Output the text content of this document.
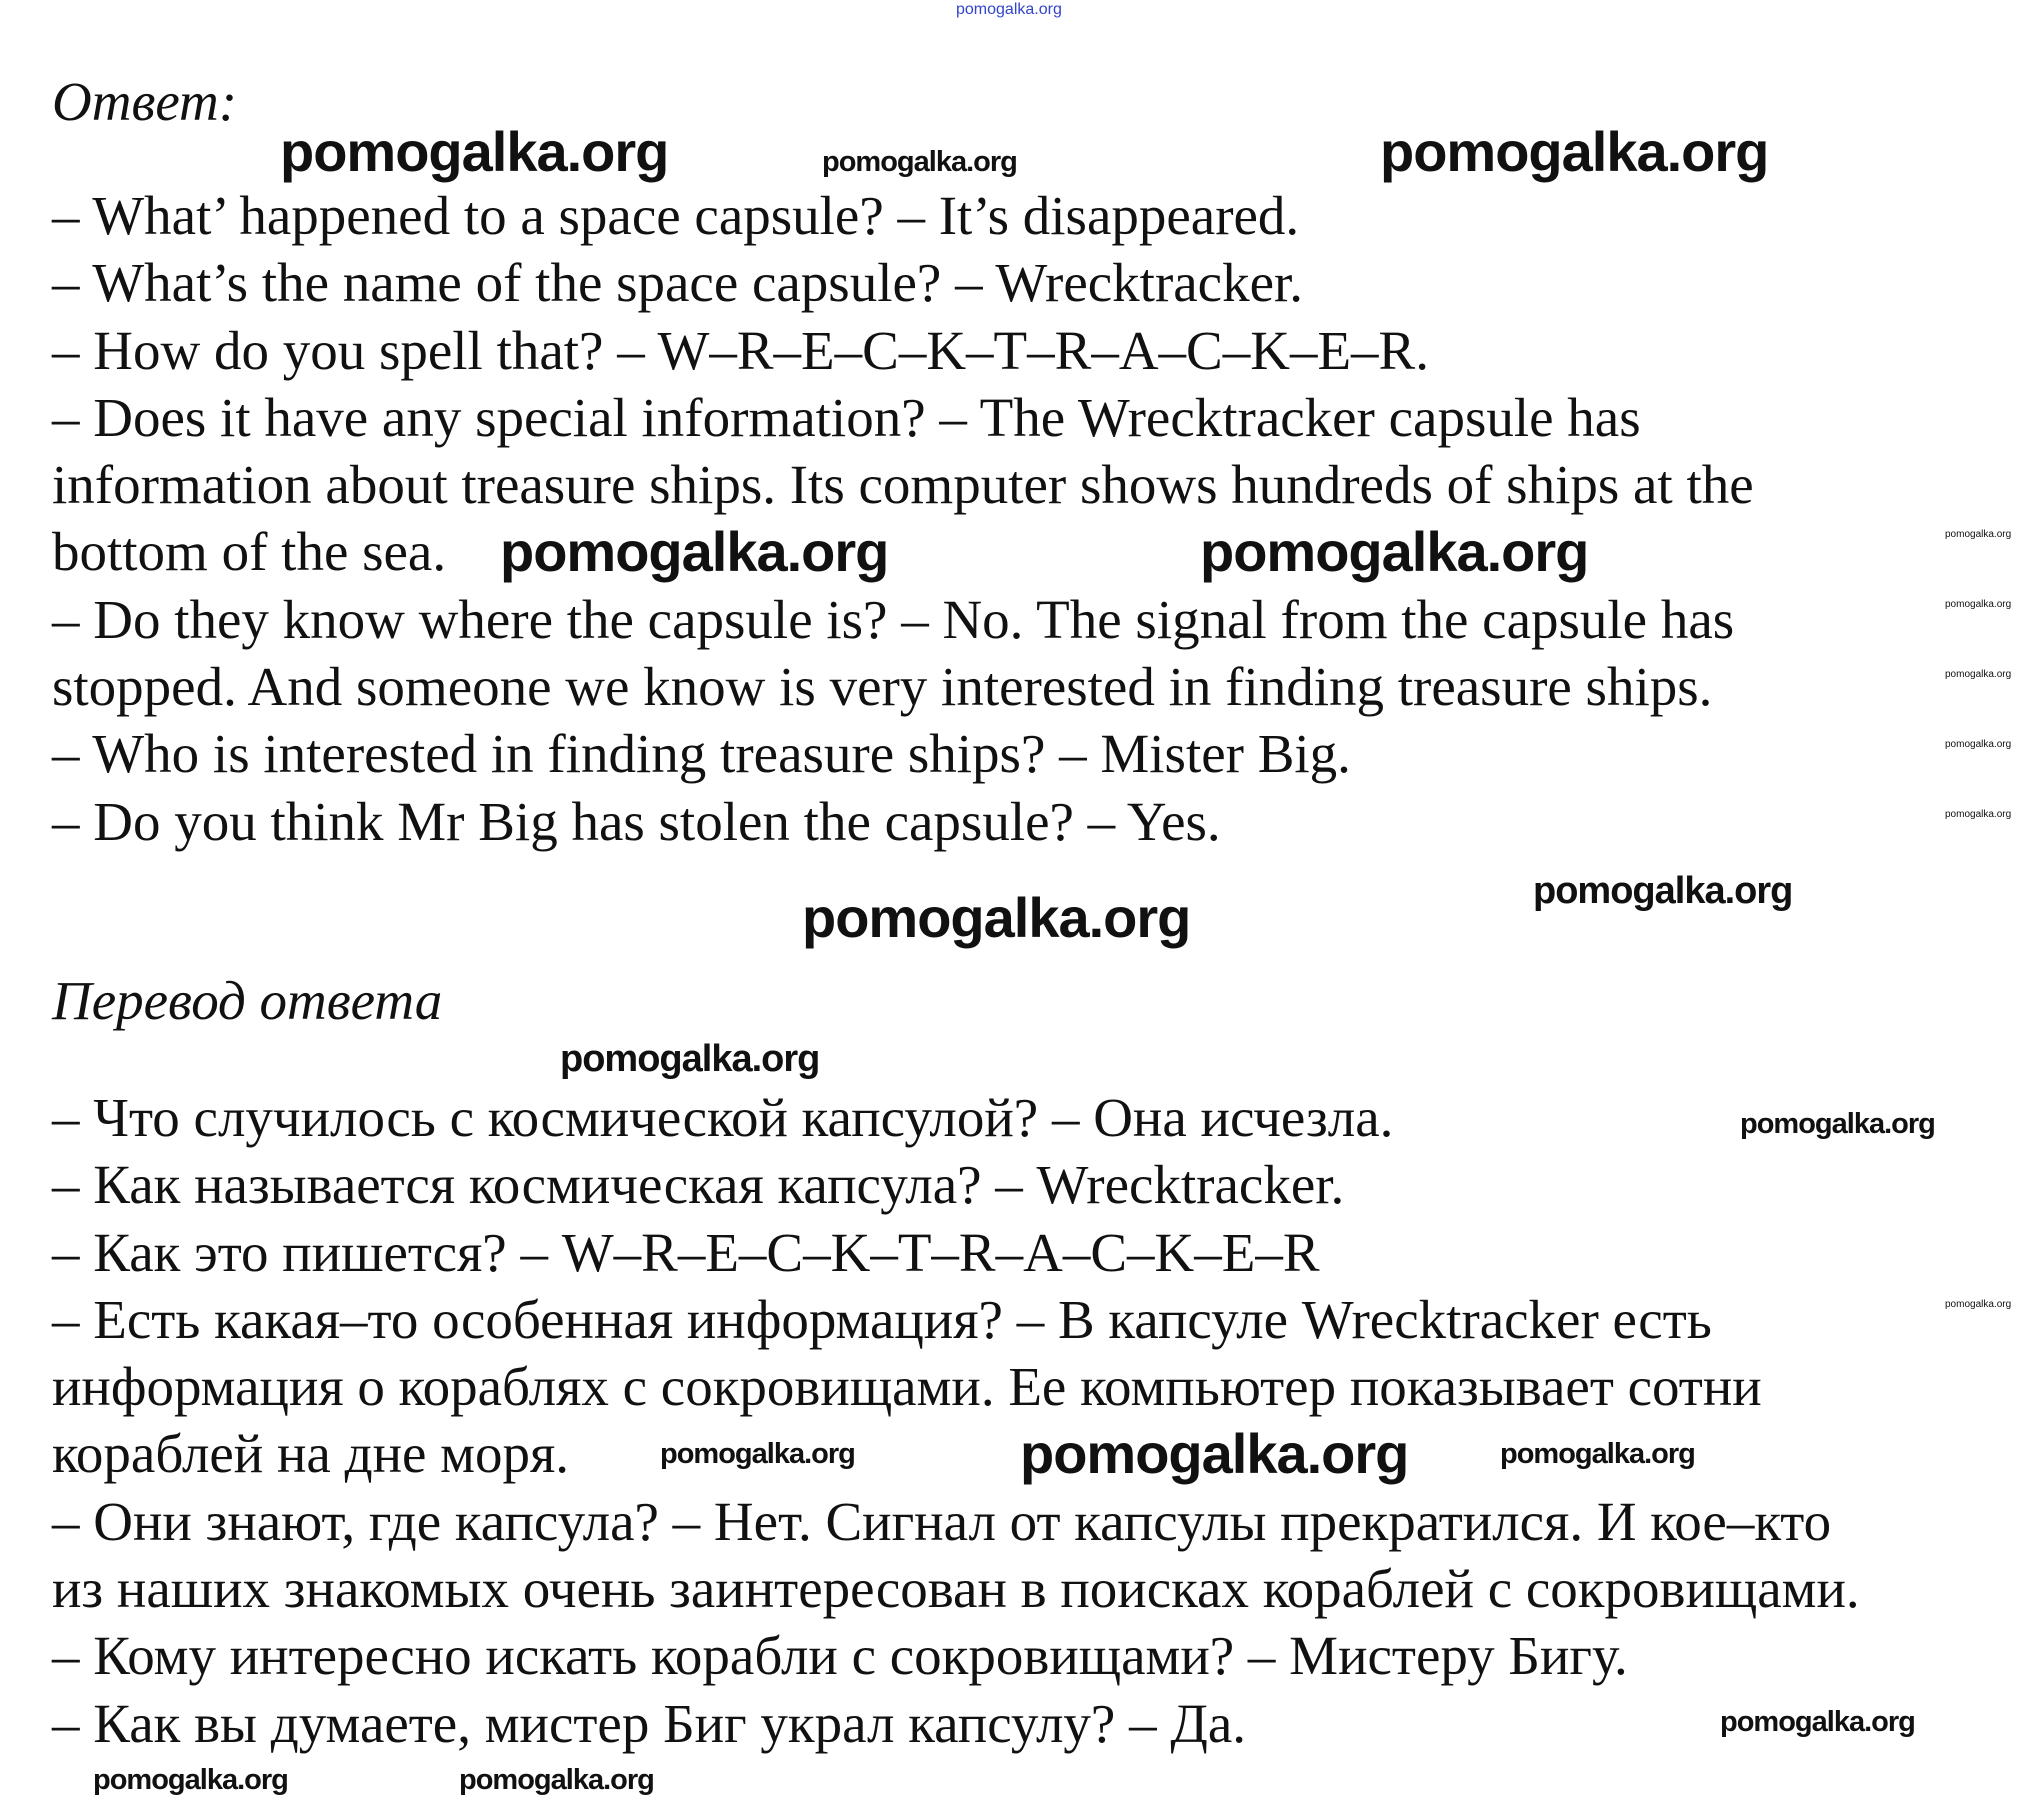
Ответ:
– What’ happened to a space capsule? – It’s disappeared.
– What’s the name of the space capsule? – Wrecktracker.
– How do you spell that? – W–R–E–C–K–T–R–A–C–K–E–R.
– Does it have any special information? – The Wrecktracker capsule has
information about treasure ships. Its computer shows hundreds of ships at the
bottom of the sea.
– Do they know where the capsule is? – No. The signal from the capsule has
stopped. And someone we know is very interested in finding treasure ships.
– Who is interested in finding treasure ships? – Mister Big.
– Do you think Mr Big has stolen the capsule? – Yes.
Перевод ответа
– Что случилось с космической капсулой? – Она исчезла.
– Как называется космическая капсула? – Wrecktracker.
– Как это пишется? – W–R–E–C–K–T–R–A–C–K–E–R
– Есть какая–то особенная информация? – В капсуле Wrecktracker есть
информация о кораблях с сокровищами. Ее компьютер показывает сотни
кораблей на дне моря.
– Они знают, где капсула? – Нет. Сигнал от капсулы прекратился. И кое–кто
из наших знакомых очень заинтересован в поисках кораблей с сокровищами.
– Кому интересно искать корабли с сокровищами? – Мистеру Бигу.
– Как вы думаете, мистер Биг украл капсулу? – Да.
pomogalka.org
pomogalka.org	pomogalka.org	pomogalka.org
pomogalka.org	pomogalka.org
pomogalka.org	pomogalka.org
pomogalka.org
pomogalka.org
pomogalka.org
pomogalka.org	pomogalka.org
pomogalka.org
pomogalka.org
pomogalka.org
pomogalka.org
pomogalka.org
pomogalka.org
pomogalka.org
pomogalka.org
pomogalka.org
